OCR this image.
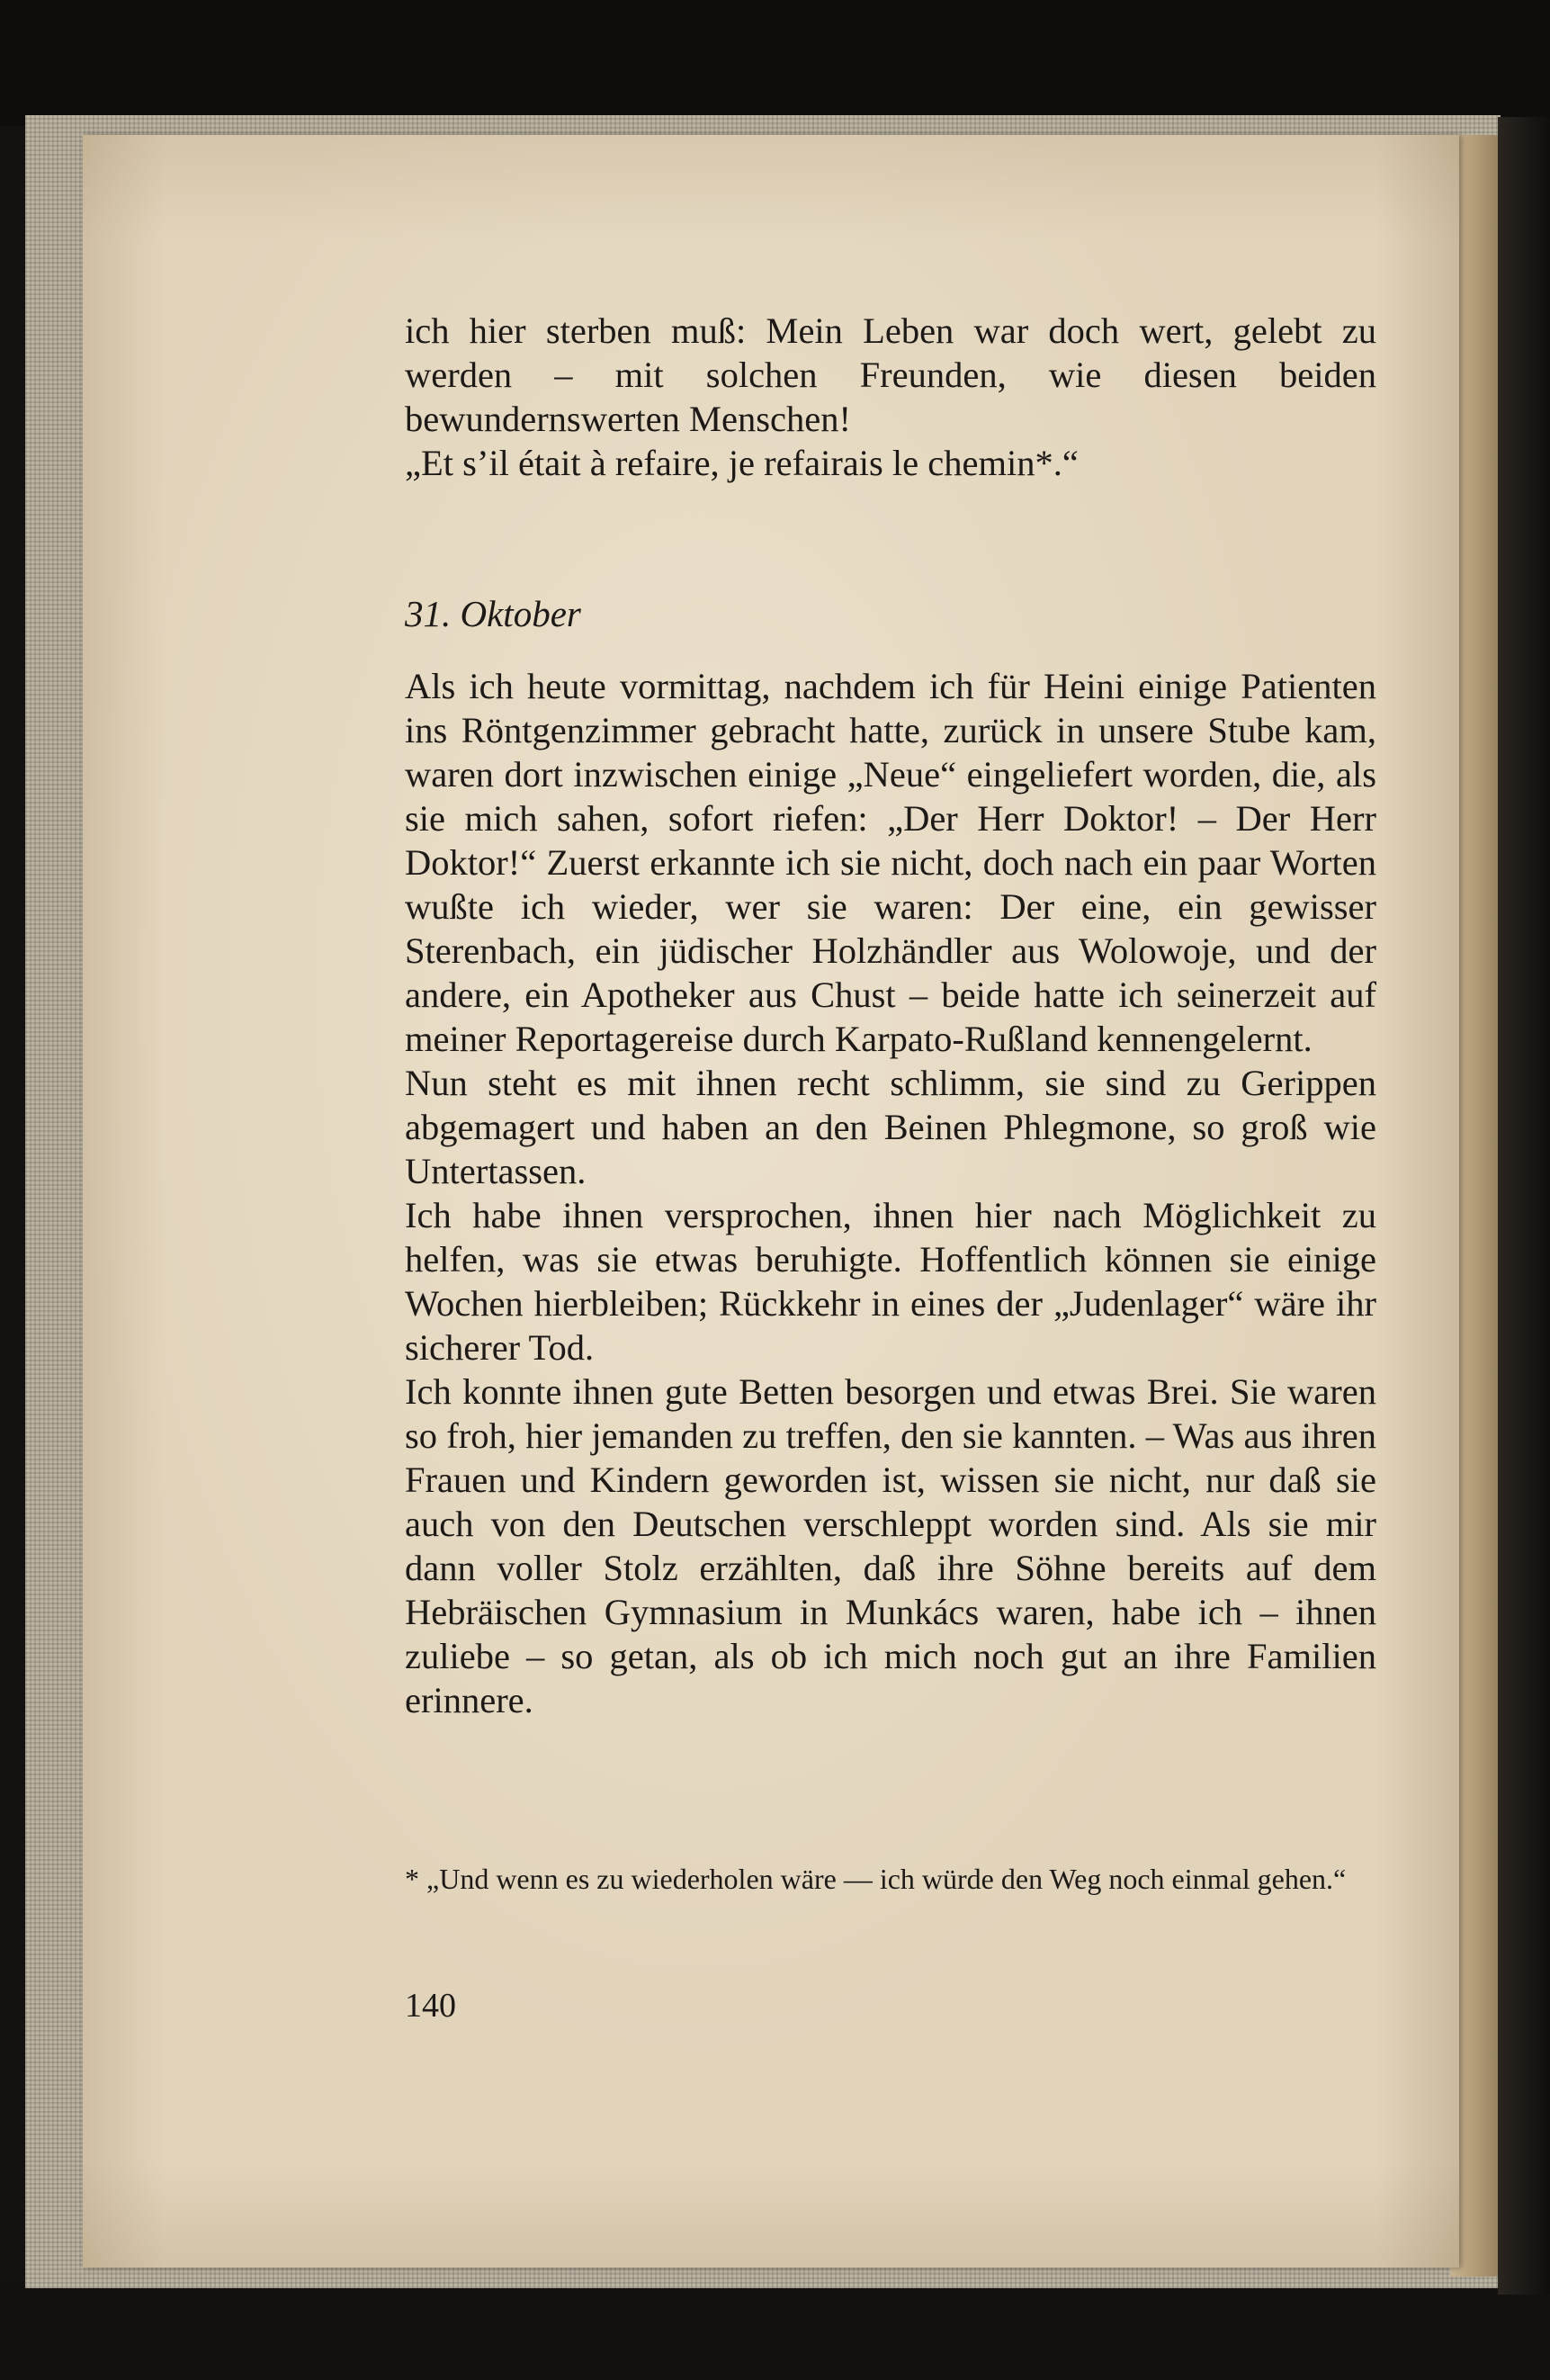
ich hier sterben muß: Mein Leben war doch wert, gelebt zu werden – mit solchen Freunden, wie diesen beiden bewundernswerten Menschen!

„Et s’il était à refaire, je refairais le chemin*.“

31. Oktober

Als ich heute vormittag, nachdem ich für Heini einige Patienten ins Röntgenzimmer gebracht hatte, zurück in unsere Stube kam, waren dort inzwischen einige „Neue“ eingeliefert worden, die, als sie mich sahen, sofort riefen: „Der Herr Doktor! – Der Herr Doktor!“ Zuerst erkannte ich sie nicht, doch nach ein paar Worten wußte ich wieder, wer sie waren: Der eine, ein gewisser Sterenbach, ein jüdischer Holzhändler aus Wolowoje, und der andere, ein Apotheker aus Chust – beide hatte ich seinerzeit auf meiner Reportagereise durch Karpato-Rußland kennengelernt.

Nun steht es mit ihnen recht schlimm, sie sind zu Gerippen abgemagert und haben an den Beinen Phlegmone, so groß wie Untertassen.

Ich habe ihnen versprochen, ihnen hier nach Möglichkeit zu helfen, was sie etwas beruhigte. Hoffentlich können sie einige Wochen hierbleiben; Rückkehr in eines der „Judenlager“ wäre ihr sicherer Tod.

Ich konnte ihnen gute Betten besorgen und etwas Brei. Sie waren so froh, hier jemanden zu treffen, den sie kannten. – Was aus ihren Frauen und Kindern geworden ist, wissen sie nicht, nur daß sie auch von den Deutschen verschleppt worden sind. Als sie mir dann voller Stolz erzählten, daß ihre Söhne bereits auf dem Hebräischen Gymnasium in Munkács waren, habe ich – ihnen zuliebe – so getan, als ob ich mich noch gut an ihre Familien erinnere.

* „Und wenn es zu wiederholen wäre — ich würde den Weg noch einmal gehen.“

140
